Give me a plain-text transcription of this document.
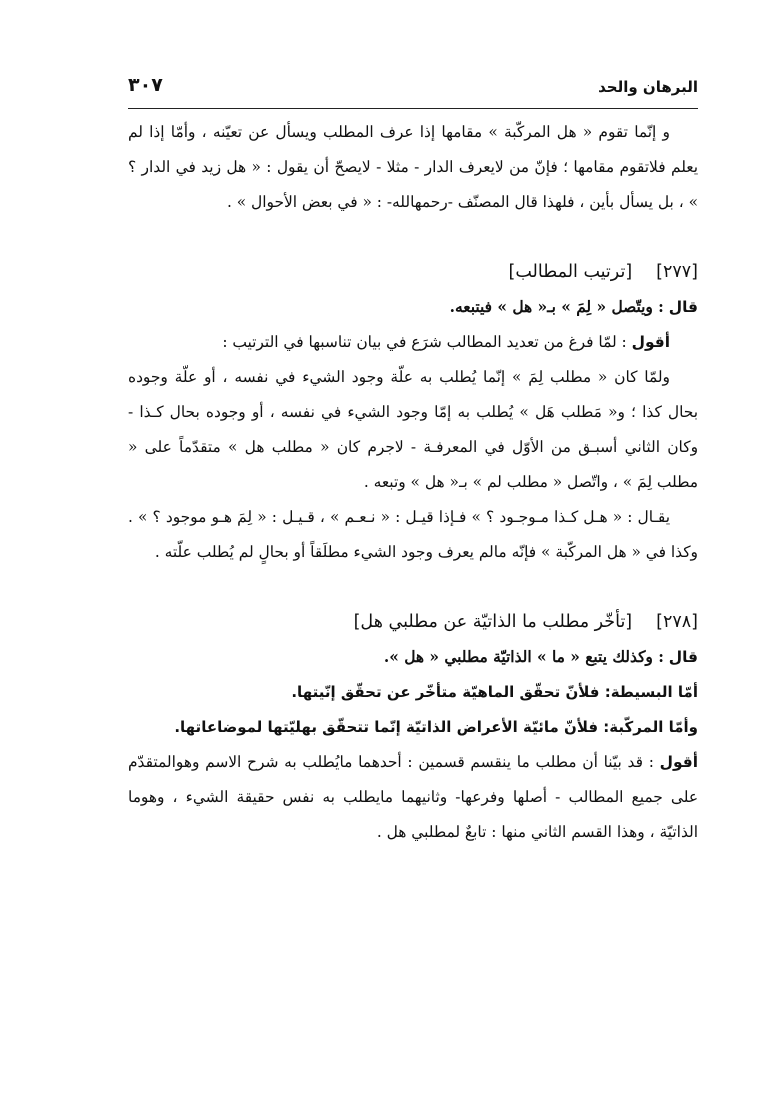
البرهان والحد
٣٠٧

و إنّما تقوم « هل المركّبة » مقامها إذا عرف المطلب ويسأل عن تعيّنه ، وأمّا إذا لم يعلم فلاتقوم مقامها ؛ فإنّ من لايعرف الدار - مثلا - لايصحّ أن يقول : « هل زيد في الدار ؟ » ، بل يسأل بأين ، فلهذا قال المصنّف -رحمهالله- : « في بعض الأحوال » .

[٢٧٧][ترتيب المطالب]

قال : ويتّصل « لِمَ » بـ« هل » فيتبعه.

أقول : لمّا فرغ من تعديد المطالب شرَع في بيان تناسبها في الترتيب :

ولمّا كان « مطلب لِمَ » إنّما يُطلب به علّة وجود الشيء في نفسه ، أو علّة وجوده بحال كذا ؛ و« مَطلب هَل » يُطلب به إمّا وجود الشيء في نفسه ، أو وجوده بحال كـذا - وكان الثاني أسبـق من الأوّل في المعرفـة - لاجرم كان « مطلب هل » متقدّماً على « مطلب لِمَ » ، واتّصل « مطلب لم » بـ« هل » وتبعه .

يقـال : « هـل كـذا مـوجـود ؟ » فـإذا قيـل : « نـعـم » ، قـيـل : « لِمَ هـو موجود ؟ » . وكذا في « هل المركّبة » فإنّه مالم يعرف وجود الشيء مطلَقاً أو بحالٍ لم يُطلب علّته .

[٢٧٨][تأخّر مطلب ما الذاتيّة عن مطلبي هل]

قال : وكذلك يتبع « ما » الذاتيّة مطلبي « هل ».

أمّا البسيطة: فلأنّ تحقّق الماهيّة متأخّر عن تحقّق إنّيتها.

وأمّا المركّبة: فلأنّ مائيّة الأعراض الذاتيّة إنّما تتحقّق بهليّتها لموضاعاتها.

أقول : قد بيّنا أن مطلب ما ينقسم قسمين : أحدهما مايُطلب به شرح الاسم وهوالمتقدّم على جميع المطالب - أصلها وفرعها- وثانيهما مايطلب به نفس حقيقة الشيء ، وهوما الذاتيّة ، وهذا القسم الثاني منها : تابعٌ لمطلبي هل .
